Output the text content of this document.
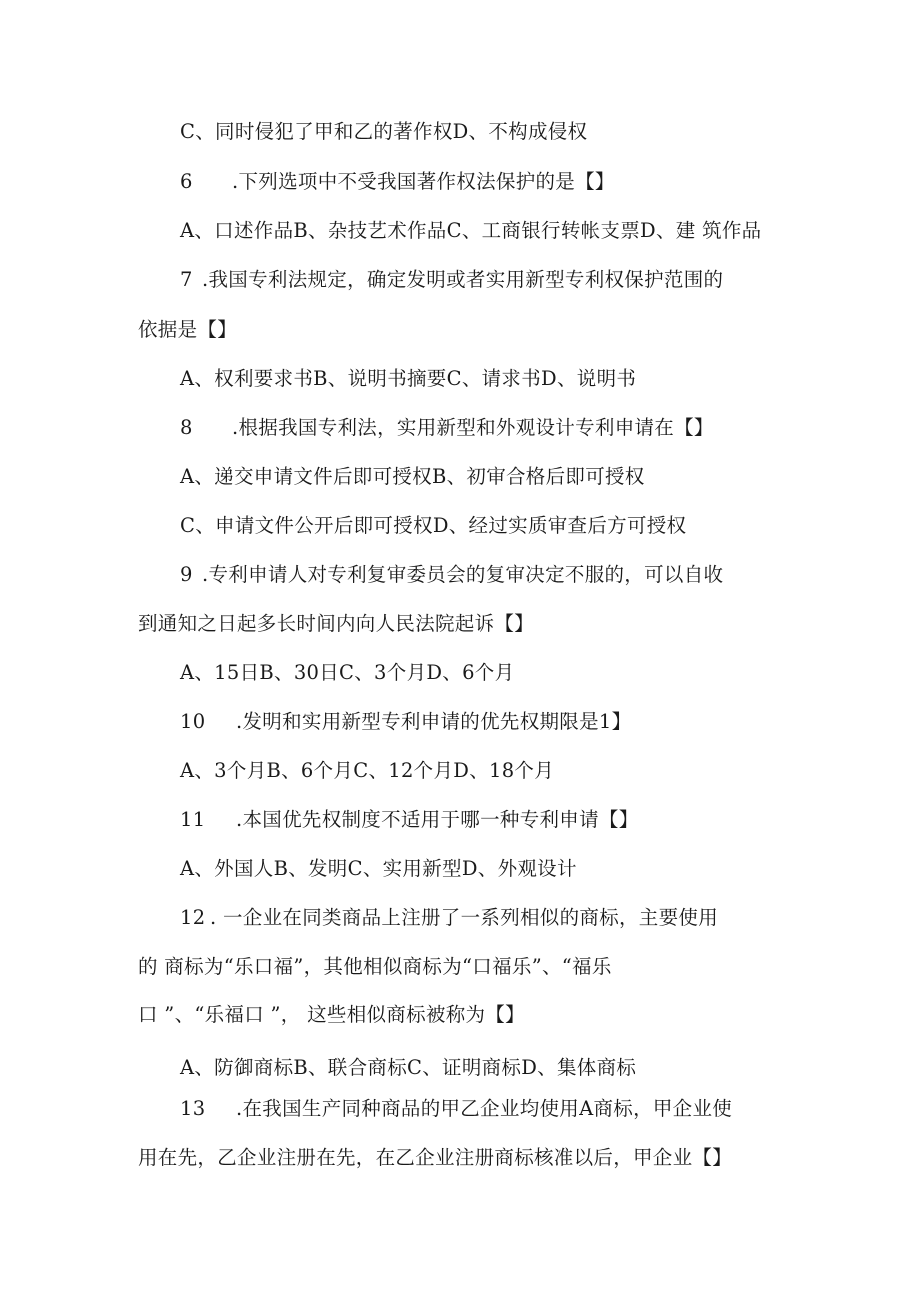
C、同时侵犯了甲和乙的著作权D、不构成侵权
6 .下列选项中不受我国著作权法保护的是【】
A、口述作品B、杂技艺术作品C、工商银行转帐支票D、建 筑作品
7 .我国专利法规定，确定发明或者实用新型专利权保护范围的
依据是【】
A、权利要求书B、说明书摘要C、请求书D、说明书
8 .根据我国专利法，实用新型和外观设计专利申请在【】
A、递交申请文件后即可授权B、初审合格后即可授权
C、申请文件公开后即可授权D、经过实质审查后方可授权
9 .专利申请人对专利复审委员会的复审决定不服的，可以自收
到通知之日起多长时间内向人民法院起诉【】
A、15日B、30日C、3个月D、6个月
10 .发明和实用新型专利申请的优先权期限是1】
A、3个月B、6个月C、12个月D、18个月
11 .本国优先权制度不适用于哪一种专利申请【】
A、外国人B、发明C、实用新型D、外观设计
12 . 一企业在同类商品上注册了一系列相似的商标，主要使用
的 商标为“乐口福”，其他相似商标为“口福乐”、“福乐
口 ”、“乐福口 ”， 这些相似商标被称为【】
A、防御商标B、联合商标C、证明商标D、集体商标
13 .在我国生产同种商品的甲乙企业均使用A商标，甲企业使
用在先，乙企业注册在先，在乙企业注册商标核准以后，甲企业【】
